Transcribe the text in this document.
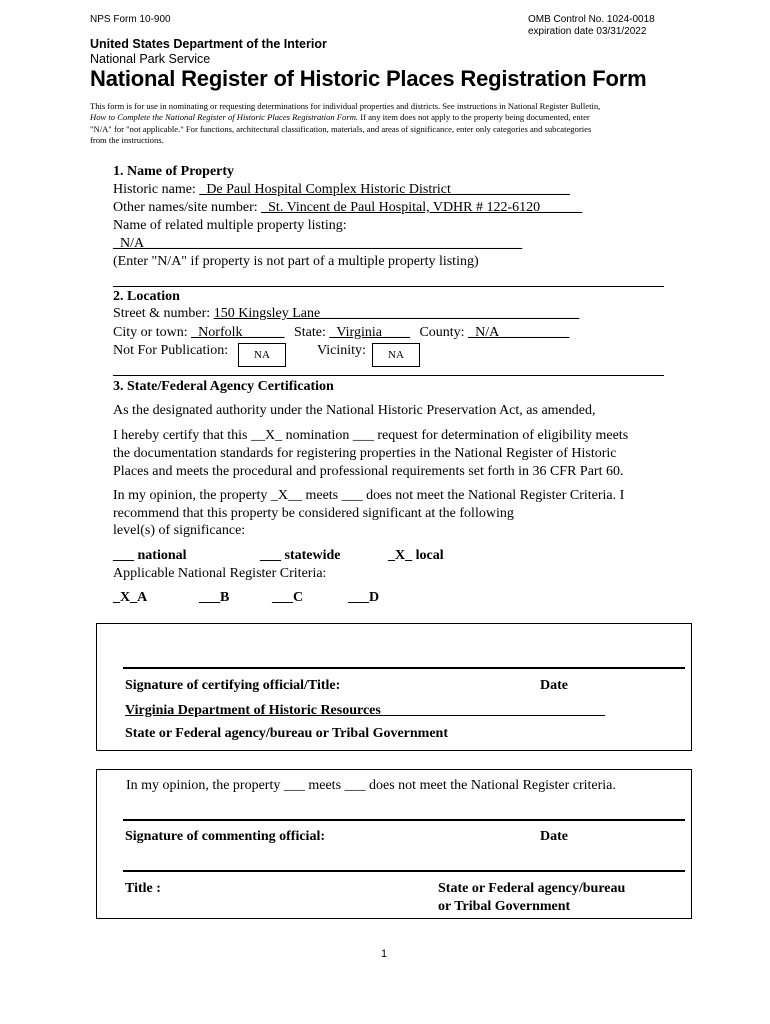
NPS Form 10-900	OMB Control No. 1024-0018
expiration date 03/31/2022
United States Department of the Interior
National Park Service
National Register of Historic Places Registration Form
This form is for use in nominating or requesting determinations for individual properties and districts. See instructions in National Register Bulletin,
How to Complete the National Register of Historic Places Registration Form. If any item does not apply to the property being documented, enter
"N/A" for "not applicable." For functions, architectural classification, materials, and areas of significance, enter only categories and subcategories
from the instructions.
1. Name of Property
Historic name: _De Paul Hospital Complex Historic District_________________
Other names/site number: _St. Vincent de Paul Hospital, VDHR # 122-6120______
Name of related multiple property listing:
_N/A______________________________________________________
(Enter "N/A" if property is not part of a multiple property listing)
2. Location
Street & number: 150 Kingsley Lane_____________________________________
City or town: _Norfolk______ State: _Virginia____ County: _N/A__________
Not For Publication:	NA	Vicinity:	NA
3. State/Federal Agency Certification
As the designated authority under the National Historic Preservation Act, as amended,
I hereby certify that this __X_ nomination ___ request for determination of eligibility meets
the documentation standards for registering properties in the National Register of Historic
Places and meets the procedural and professional requirements set forth in 36 CFR Part 60.
In my opinion, the property _X__ meets ___ does not meet the National Register Criteria. I
recommend that this property be considered significant at the following
level(s) of significance:
___ national	___ statewide	_X_ local
Applicable National Register Criteria:
_X_A	___B	___C	___D
Signature of certifying official/Title:	Date
Virginia Department of Historic Resources________________________________
State or Federal agency/bureau or Tribal Government
In my opinion, the property ___ meets ___ does not meet the National Register criteria.
Signature of commenting official:	Date
Title :	State or Federal agency/bureau
or Tribal Government
1
